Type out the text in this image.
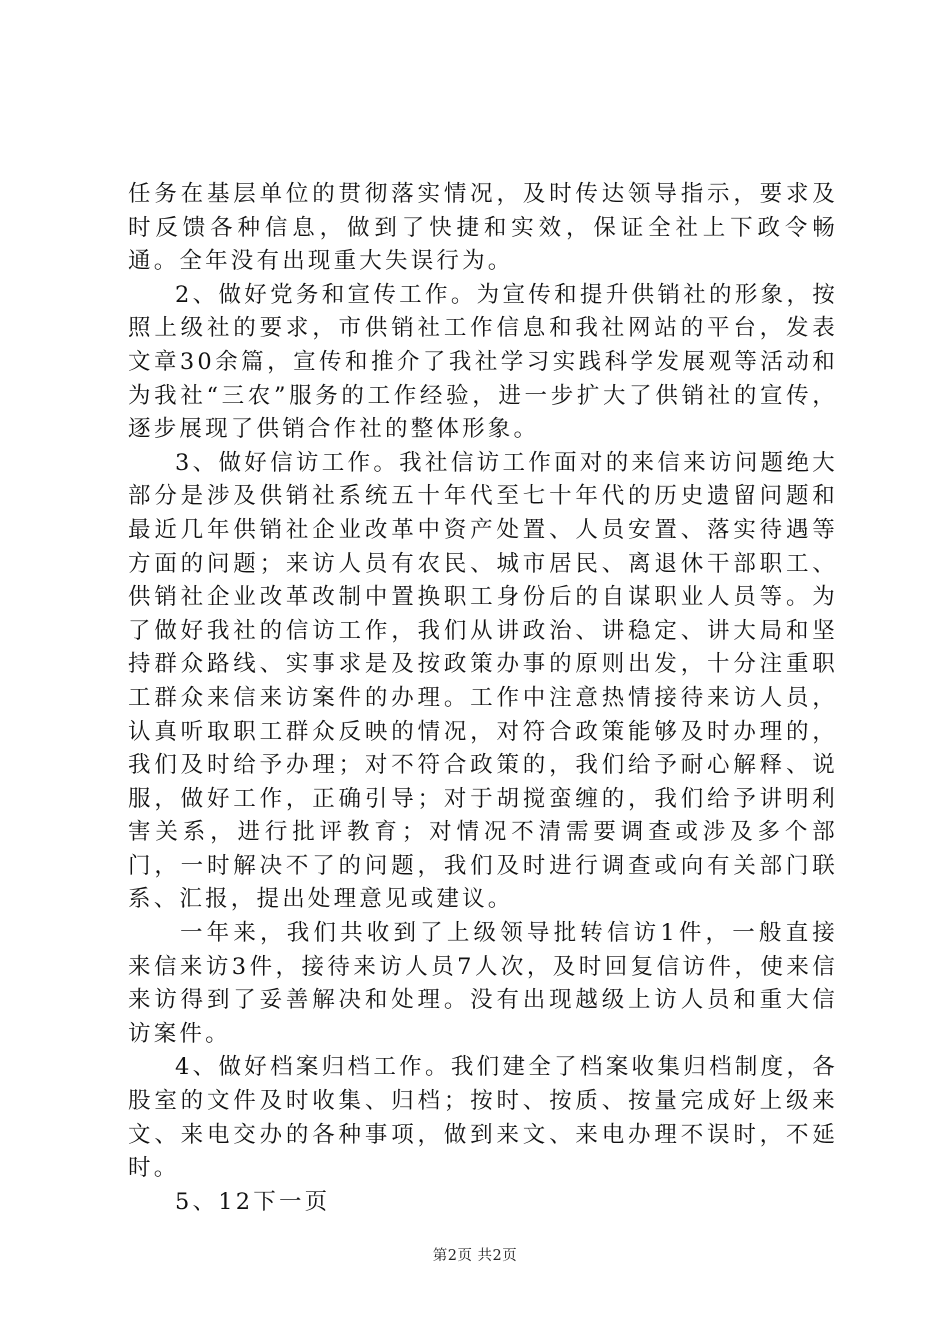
任务在基层单位的贯彻落实情况，及时传达领导指示，要求及时反馈各种信息，做到了快捷和实效，保证全社上下政令畅通。全年没有出现重大失误行为。

2、做好党务和宣传工作。为宣传和提升供销社的形象，按照上级社的要求，市供销社工作信息和我社网站的平台，发表文章30余篇，宣传和推介了我社学习实践科学发展观等活动和为我社“三农”服务的工作经验，进一步扩大了供销社的宣传，逐步展现了供销合作社的整体形象。

3、做好信访工作。我社信访工作面对的来信来访问题绝大部分是涉及供销社系统五十年代至七十年代的历史遗留问题和最近几年供销社企业改革中资产处置、人员安置、落实待遇等方面的问题；来访人员有农民、城市居民、离退休干部职工、供销社企业改革改制中置换职工身份后的自谋职业人员等。为了做好我社的信访工作，我们从讲政治、讲稳定、讲大局和坚持群众路线、实事求是及按政策办事的原则出发，十分注重职工群众来信来访案件的办理。工作中注意热情接待来访人员，认真听取职工群众反映的情况，对符合政策能够及时办理的，我们及时给予办理；对不符合政策的，我们给予耐心解释、说服，做好工作，正确引导；对于胡搅蛮缠的，我们给予讲明利害关系，进行批评教育；对情况不清需要调查或涉及多个部门，一时解决不了的问题，我们及时进行调查或向有关部门联系、汇报，提出处理意见或建议。

一年来，我们共收到了上级领导批转信访1件，一般直接来信来访3件，接待来访人员7人次，及时回复信访件，使来信来访得到了妥善解决和处理。没有出现越级上访人员和重大信访案件。

4、做好档案归档工作。我们建全了档案收集归档制度，各股室的文件及时收集、归档；按时、按质、按量完成好上级来文、来电交办的各种事项，做到来文、来电办理不误时，不延时。

5、12下一页

第2页 共2页
